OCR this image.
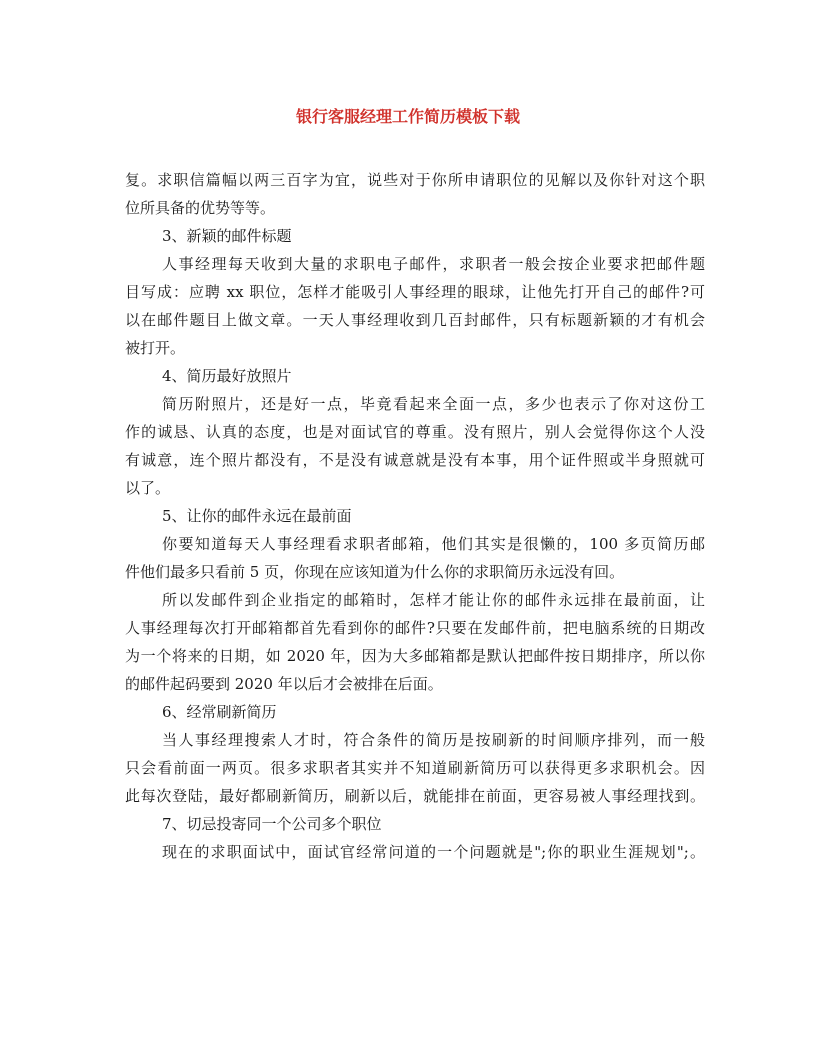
银行客服经理工作简历模板下载
复。求职信篇幅以两三百字为宜，说些对于你所申请职位的见解以及你针对这个职
位所具备的优势等等。
3、新颖的邮件标题
人事经理每天收到大量的求职电子邮件，求职者一般会按企业要求把邮件题
目写成：应聘 xx 职位，怎样才能吸引人事经理的眼球，让他先打开自己的邮件?可
以在邮件题目上做文章。一天人事经理收到几百封邮件，只有标题新颖的才有机会
被打开。
4、简历最好放照片
简历附照片，还是好一点，毕竟看起来全面一点，多少也表示了你对这份工
作的诚恳、认真的态度，也是对面试官的尊重。没有照片，别人会觉得你这个人没
有诚意，连个照片都没有，不是没有诚意就是没有本事，用个证件照或半身照就可
以了。
5、让你的邮件永远在最前面
你要知道每天人事经理看求职者邮箱，他们其实是很懒的，100 多页简历邮
件他们最多只看前 5 页，你现在应该知道为什么你的求职简历永远没有回。
所以发邮件到企业指定的邮箱时，怎样才能让你的邮件永远排在最前面，让
人事经理每次打开邮箱都首先看到你的邮件?只要在发邮件前，把电脑系统的日期改
为一个将来的日期，如 2020 年，因为大多邮箱都是默认把邮件按日期排序，所以你
的邮件起码要到 2020 年以后才会被排在后面。
6、经常刷新简历
当人事经理搜索人才时，符合条件的简历是按刷新的时间顺序排列，而一般
只会看前面一两页。很多求职者其实并不知道刷新简历可以获得更多求职机会。因
此每次登陆，最好都刷新简历，刷新以后，就能排在前面，更容易被人事经理找到。
7、切忌投寄同一个公司多个职位
现在的求职面试中，面试官经常问道的一个问题就是";你的职业生涯规划";。
